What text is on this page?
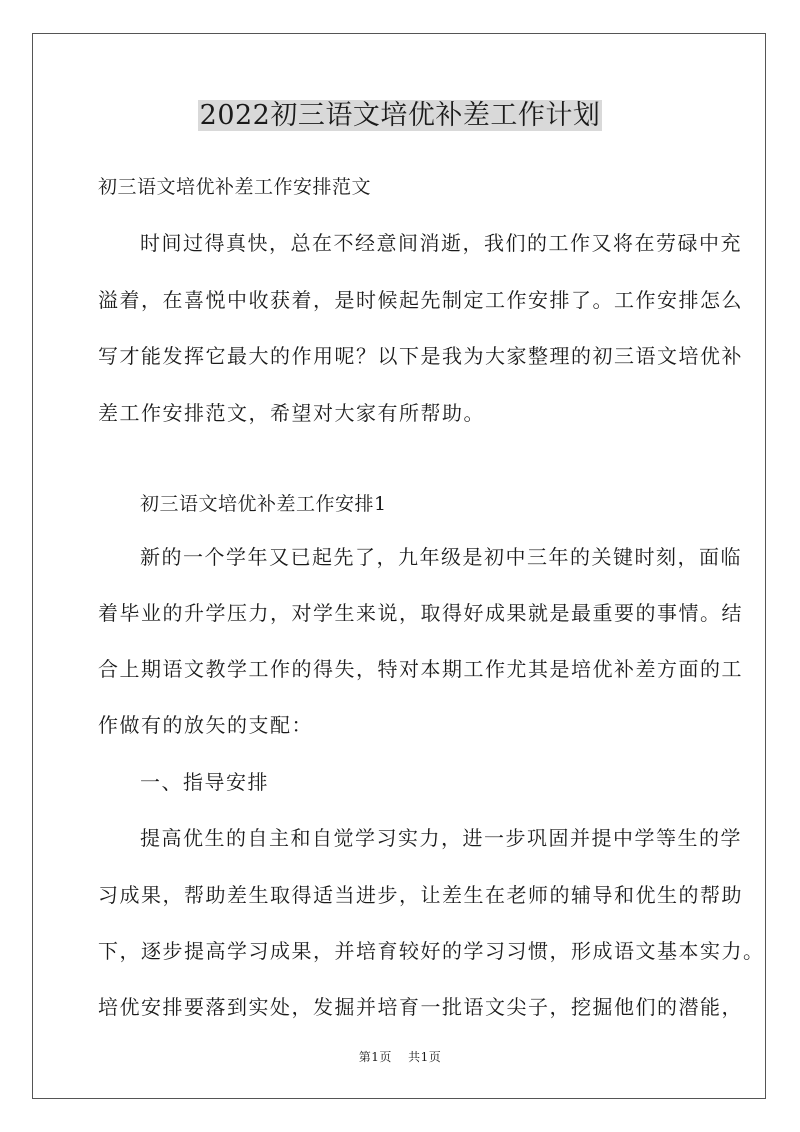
2022初三语文培优补差工作计划
初三语文培优补差工作安排范文
时间过得真快，总在不经意间消逝，我们的工作又将在劳碌中充
溢着，在喜悦中收获着，是时候起先制定工作安排了。工作安排怎么
写才能发挥它最大的作用呢？以下是我为大家整理的初三语文培优补
差工作安排范文，希望对大家有所帮助。
初三语文培优补差工作安排1
新的一个学年又已起先了，九年级是初中三年的关键时刻，面临
着毕业的升学压力，对学生来说，取得好成果就是最重要的事情。结
合上期语文教学工作的得失，特对本期工作尤其是培优补差方面的工
作做有的放矢的支配：
一、指导安排
提高优生的自主和自觉学习实力，进一步巩固并提中学等生的学
习成果，帮助差生取得适当进步，让差生在老师的辅导和优生的帮助
下，逐步提高学习成果，并培育较好的学习习惯，形成语文基本实力。
培优安排要落到实处，发掘并培育一批语文尖子，挖掘他们的潜能，
第1页 共1页
